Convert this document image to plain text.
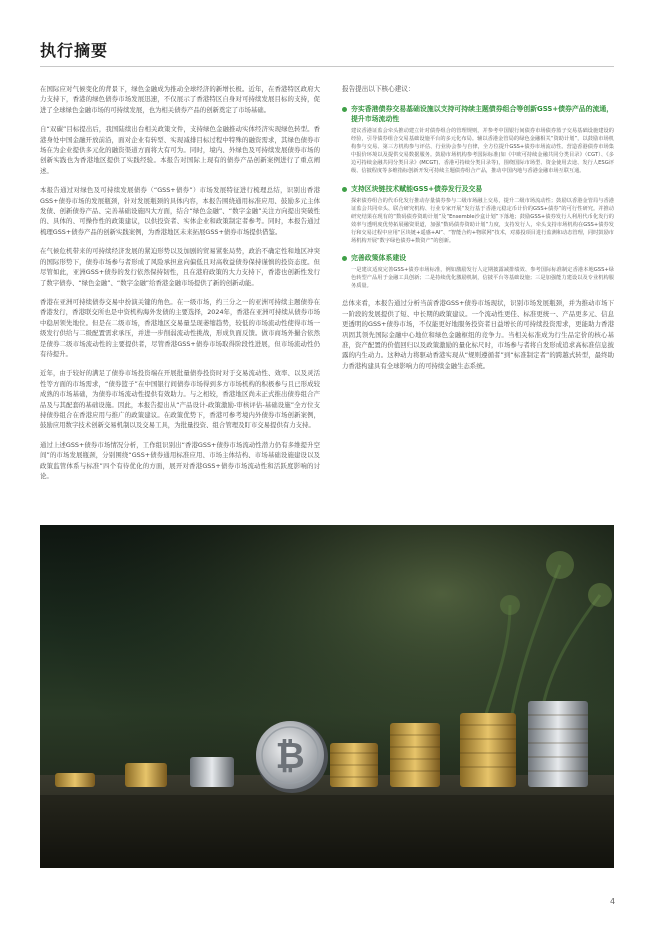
执行摘要

在国际应对气候变化的背景下，绿色金融成为推动全球经济的新增长极。近年，在香港特区政府大力支持下，香港的绿色债券市场发展迅速，不仅展示了香港特区自身对可持续发展目标的支持，促进了全球绿色金融市场的可持续发展，也为相关债券产品的创新奠定了市场基础。

自“双碳”目标提出后，我国陆续出台相关政策文件，支持绿色金融推动实体经济实现绿色转型。香港身处中国金融开放前沿，面对企业有转型、实现减排目标过程中特殊的融资需求，其绿色债券市场在为企业提供多元化的融资渠道方面将大有可为。同时，境内、外绿色及可持续发展债券市场的创新实践也为香港地区提供了实践经验。本报告对国际上现有的债券产品创新案例进行了重点阐述。

本报告通过对绿色及可持续发展债券（“GSS+债券”）市场发展特征进行梳理总结，识别出香港GSS+债券市场的发展瓶颈，针对发展瓶颈的具体内容，本报告围绕通用标准应用、鼓励多元主体发债、创新债券产品、完善基础设施四大方面，结合“绿色金融”、“数字金融”关注方向提出突破性的、具体的、可操作性的政策建议，以供投资者、实体企业和政策制定者参考。同时，本报告通过梳理GSS+债券产品的创新实践案例，为香港地区未来拓展GSS+债券市场提供借鉴。

在气候危机带来的可持续经济发展的紧迫形势以及加剧的贸易紧张局势，政治不确定性和地区冲突的国际形势下，债券市场参与者形成了风险承担意向偏低且对高收益债券保持谨慎的投资态度。但尽管如此，亚洲GSS+债券的发行依然保持韧性，且在港府政策的大力支持下，香港也创新性发行了数字债券、“绿色金融”、“数字金融”给香港金融市场提供了新的创新动能。

香港在亚洲可持续债券交易中扮演关键的角色。在一级市场，约三分之一的亚洲可持续主题债券在香港发行，香港联交所也是中资机构海外发债的主要选择，2024年，香港在亚洲可持续从债券市场中稳居领先地位。但是在二级市场，香港地区交易量呈现萎缩趋势，较低的市场流动性使得市场一级发行供给与二级配置需求承压，并进一步削弱流动性挑战，形成负面反馈。做市商场外撮合依然是债券二级市场流动性的主要提供者，尽管香港GSS+债券市场取得阶段性进展，但市场流动性仍有待提升。

近年，由于较好的满足了债券市场投资端在开展批量债券投资时对于交易流动性、效率、以及灵活性等方面的市场需求，“债券篮子”在中国银行间债券市场得到多方市场机构的积极参与且已形成较成熟的市场基础，为债券市场流动性提供有效助力。与之相较，香港地区尚未正式推出债券组合产品及与其配套的基础设施。因此，本报告提出从“产品设计-政策激励-审核评估-基础设施”全方位支持债券组合在香港应用与推广的政策建议。在政策优势下，香港可参考境内外债券市场创新案例，鼓励应用数字技术创新交易机制以及交易工具，为批量投资、组合管理及盯市交易提供有力支持。

通过上述GSS+债券市场情况分析，工作组识别出“香港GSS+债券市场流动性潜力仍有多维提升空间”的市场发展瓶颈，分别围绕“GSS+债券通用标准应用、市场主体结构、市场基础设施建设以及政策监管体系与标准”四个有待优化的方面，展开对香港GSS+债券市场流动性和活跃度影响的讨论。

报告提出以下核心建议：

夯实香港债券交易基础设施以支持可持续主题债券组合等创新GSS+债券产品的流通，提升市场流动性

建议香港证监会牵头推动建立针对债券组合的管理规则，并参考中国银行间债券市场债券篮子交易基础设施建设的经验，引导债券组合交易基础设施平台的多元化布局。辅以香港金管局的绿色金融相关“资助计划”，以鼓励市场机构参与交易、第三方机构参与评估、行业协会参与自律，全方位提升GSS+债券市场流动性。营造香港债券市场集中报价环境以及提供交易数据服务。鼓励市场机构参考国际标准(如《中欧可持续金融共同分类目录》（CGT）、《多边可持续金融共同分类目录》(MCGT)、香港可持续分类目录等)，围绕国际市场型、资金使用去途、发行人ESG评级、信披程度等多维指标创新开发可持续主题债券组合产品，推动中国内地与香港金融市场互联互通。

支持区块链技术赋能GSS+债券发行及交易

探索债券组合的代币化发行推动存量债券参与二级市场融上交易，提升二级市场流动性；鼓励以香港金管局与香港证监会共同牵头、联合研究机构、行业专家开展“发行基于香港元稳定币计价的GSS+债券”的可行性研究。并推动研究结果在现有的“数码债券资助计划”及“Ensemble沙盒计划”下落地；鼓励GSS+债券发行人利用代币化发行的效率与透明度优势拓展融资渠道，加强“数码债券资助计划”力度，支持发行人，牵头支持市场机构在GSS+债券发行和交易过程中应用“区块链+遥感+AI”、“智能合约+物联网”技术，对募投项目进行监测和动态管理，同时鼓励市场机构开展“数字绿色债券+数资产”的创新。

完善政策体系建设

一是建议适度完善GSS+债券市场标准，例如激励发行人定期披露减排绩效、参考国际标准制定香港本地GSS+绿色转型产品用于金融工具创新；二是持续优化激励机制，信披平台等基础设施；三是加强能力建设以及专业机构服务质量。

总体来看，本报告通过分析当前香港GSS+债券市场现状，识别市场发展瓶颈，并为推动市场下一阶段的发展提供了短、中长期的政策建议。一个流动性更佳、标准更统一、产品更多元、信息更透明的GSS+债券市场，不仅能更好地服务投资者日益增长的可持续投资需求，更能助力香港巩固其领先国际金融中心地位和绿色金融枢纽的竞争力。当相关标准成为行生品定价的核心基准，资产配置的价值回归以及政策激励的量化标尺时，市场参与者将自发形成追求高标准信息披露的内生动力。这种动力将驱动香港实现从“规则遵循者”到“标准制定者”的跨越式转型，最终助力香港构建具有全球影响力的可持续金融生态系统。

₿
4
